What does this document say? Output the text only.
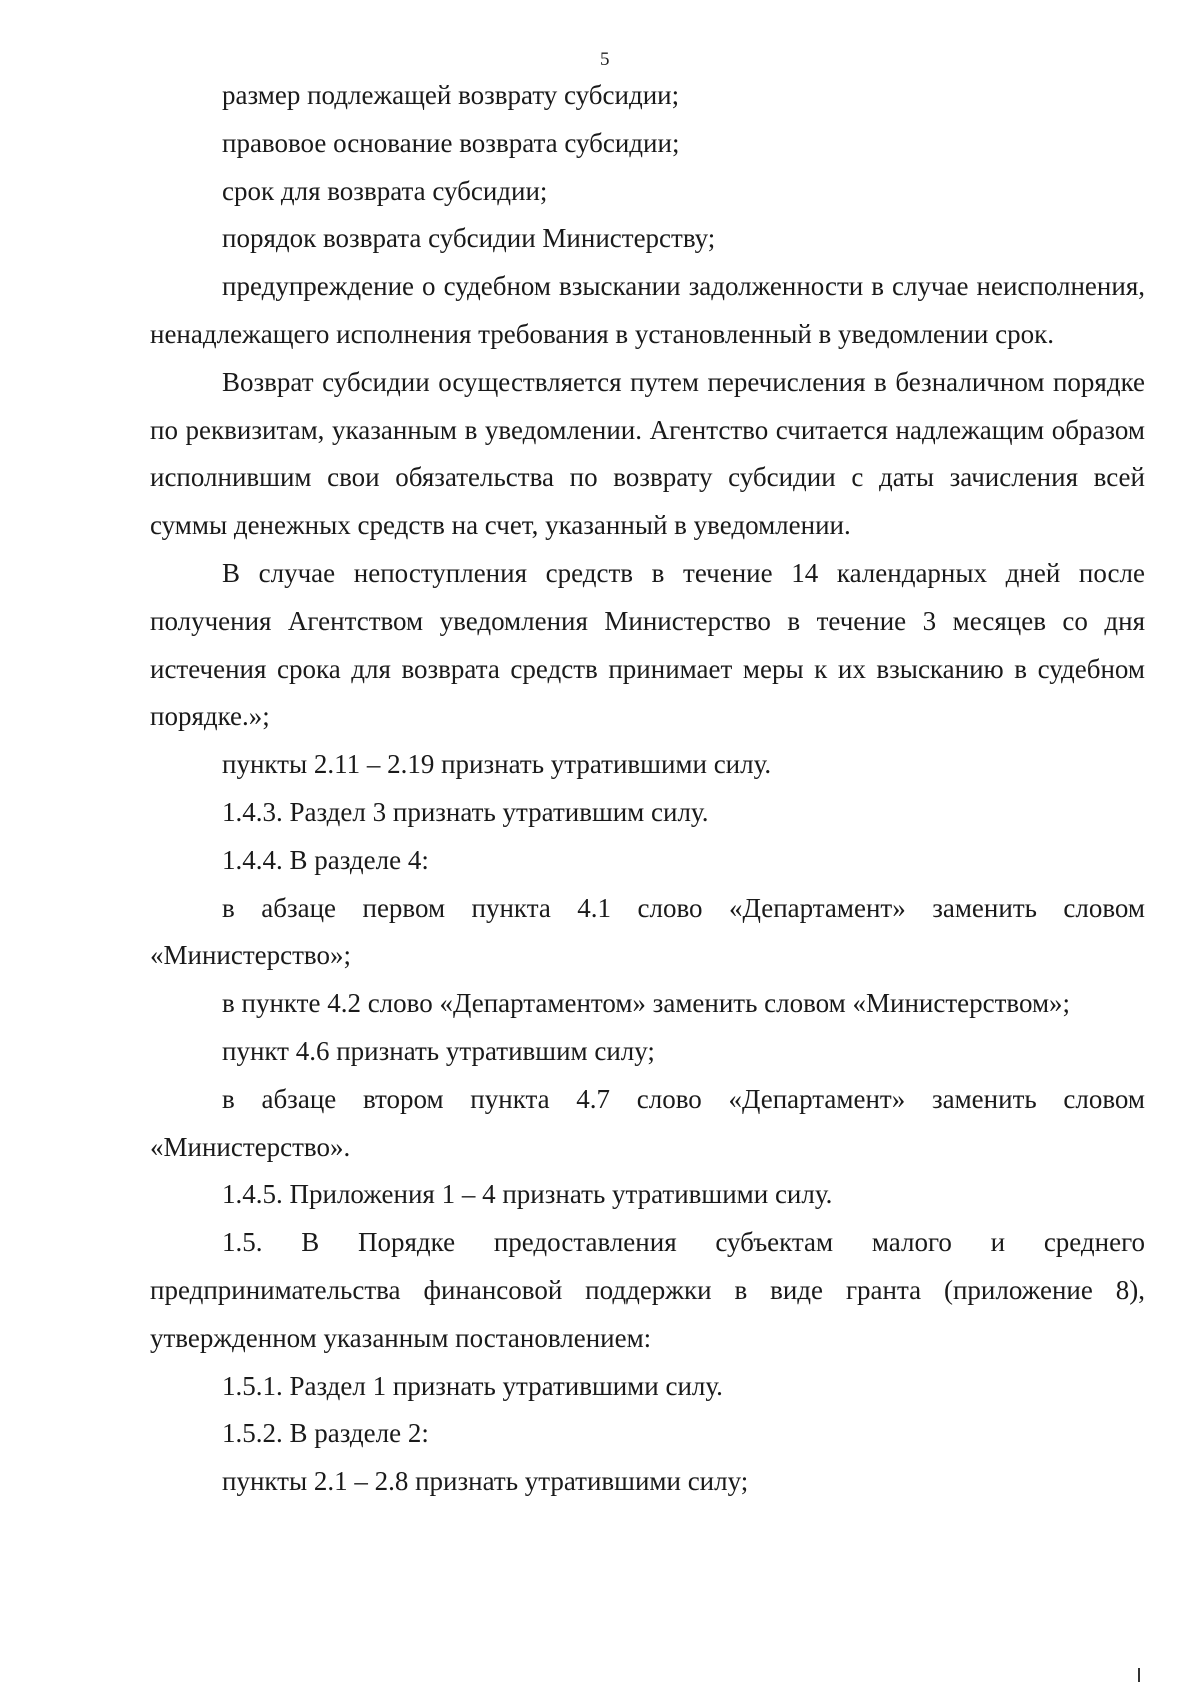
5

размер подлежащей возврату субсидии;

правовое основание возврата субсидии;

срок для возврата субсидии;

порядок возврата субсидии Министерству;

предупреждение о судебном взыскании задолженности в случае неисполнения, ненадлежащего исполнения требования в установленный в уведомлении срок.

Возврат субсидии осуществляется путем перечисления в безналичном порядке по реквизитам, указанным в уведомлении. Агентство считается надлежащим образом исполнившим свои обязательства по возврату субсидии с даты зачисления всей суммы денежных средств на счет, указанный в уведомлении.

В случае непоступления средств в течение 14 календарных дней после получения Агентством уведомления Министерство в течение 3 месяцев со дня истечения срока для возврата средств принимает меры к их взысканию в судебном порядке.»;

пункты 2.11 – 2.19 признать утратившими силу.

1.4.3. Раздел 3 признать утратившим силу.

1.4.4. В разделе 4:

в абзаце первом пункта 4.1 слово «Департамент» заменить словом «Министерство»;

в пункте 4.2 слово «Департаментом» заменить словом «Министерством»;

пункт 4.6 признать утратившим силу;

в абзаце втором пункта 4.7 слово «Департамент» заменить словом «Министерство».

1.4.5. Приложения 1 – 4 признать утратившими силу.

1.5. В Порядке предоставления субъектам малого и среднего предпринимательства финансовой поддержки в виде гранта (приложение 8), утвержденном указанным постановлением:

1.5.1. Раздел 1 признать утратившими силу.

1.5.2. В разделе 2:

пункты 2.1 – 2.8 признать утратившими силу;
